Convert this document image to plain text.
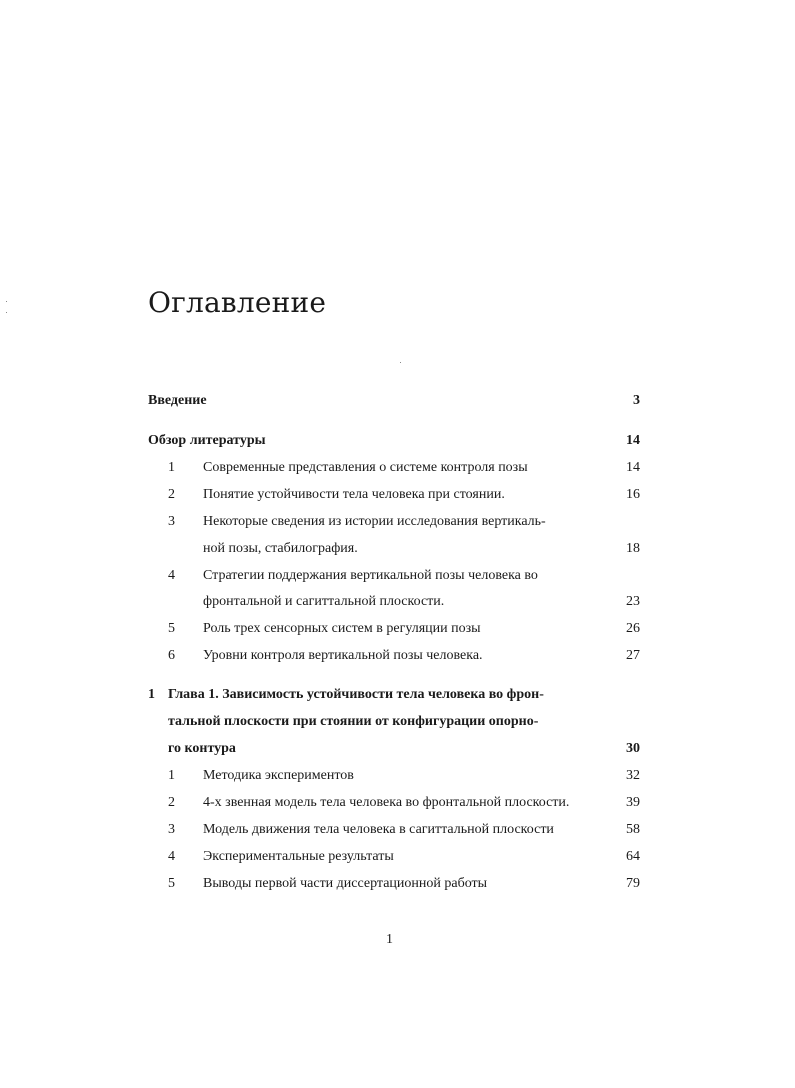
Оглавление
Введение	3
Обзор литературы	14
1 Современные представления о системе контроля позы	14
2 Понятие устойчивости тела человека при стоянии.	16
3 Некоторые сведения из истории исследования вертикаль-
ной позы, стабилография.	18
4 Стратегии поддержания вертикальной позы человека во
фронтальной и сагиттальной плоскости.	23
5 Роль трех сенсорных систем в регуляции позы	26
6 Уровни контроля вертикальной позы человека.	27
1 Глава 1. Зависимость устойчивости тела человека во фрон-
тальной плоскости при стоянии от конфигурации опорно-
го контура	30
1 Методика экспериментов	32
2 4-х звенная модель тела человека во фронтальной плоскости.	39
3 Модель движения тела человека в сагиттальной плоскости	58
4 Экспериментальные результаты	64
5 Выводы первой части диссертационной работы	79
1
